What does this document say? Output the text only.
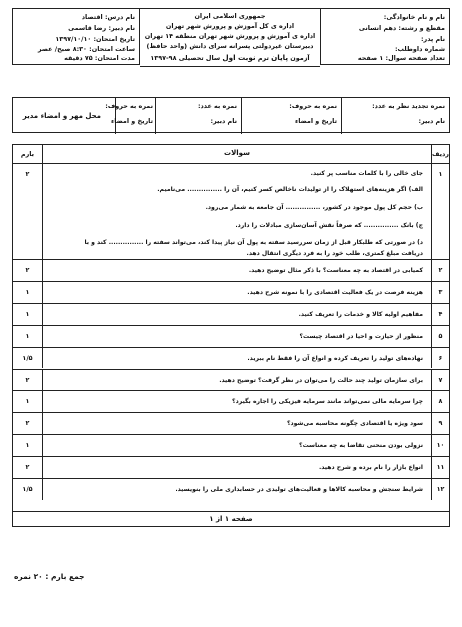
نام و نام خانوادگی:
مقطع و رشته: دهم انسانی
نام پدر:
شماره داوطلب:
تعداد صفحه سوال: ۱ صفحه
جمهوری اسلامی ایران
اداره ی کل آموزش و پرورش شهر تهران
اداره ی آموزش و پرورش شهر تهران منطقه ۱۴ تهران
دبیرستان غیردولتی پسرانه سرای دانش (واحد حافظ)
آزمون پایان ترم نوبت اول سال تحصیلی ۹۸-۱۳۹۷
نام درس: اقتصاد
نام دبیر: رضا قاسمی
تاریخ امتحان: ۱۳۹۷/۱۰/۱۰
ساعت امتحان: ۸:۳۰ صبح/ عصر
مدت امتحان: ۷۵ دقیقه
نمره تجدید نظر به عدد:
نام دبیر:
نمره به حروف:
تاریخ و امضاء
نمره به عدد:
نام دبیر:
نمره به حروف:
تاریخ و امضاء
محل مهر و امضاء مدیر
ردیف
سوالات
بارم
۱
جای خالی را با کلمات مناسب پر کنید.
الف) اگر هزینه‌های استهلاک را از تولیدات ناخالص کسر کنیم، آن را ............... می‌نامیم.
ب) حجم کل پول موجود در کشور، ............... آن جامعه به شمار می‌رود.
ج) بانک ............... که صرفاً نقش آسان‌سازی مبادلات را دارد.
د) در صورتی که طلبکار قبل از زمان سررسید سفته به پول آن نیاز پیدا کند، می‌تواند سفته را ............... کند و با
دریافت مبلغ کمتری، طلب خود را به فرد دیگری انتقال دهد.
۲
۲
کمیابی در اقتصاد به چه معناست؟ با ذکر مثال توضیح دهید.
۲
۳
هزینه فرصت در یک فعالیت اقتصادی را با نمونه شرح دهید.
۱
۴
مفاهیم اولیه کالا و خدمات را تعریف کنید.
۱
۵
منظور از حیازت و احیا در اقتصاد چیست؟
۱
۶
نهاده‌های تولید را تعریف کرده و انواع آن را فقط نام ببرید.
۱/۵
۷
برای سازمان تولید چند حالت را می‌توان در نظر گرفت؟ توضیح دهید.
۲
۸
چرا سرمایه مالی نمی‌تواند مانند سرمایه فیزیکی را اجاره بگیرد؟
۱
۹
سود ویژه یا اقتصادی چگونه محاسبه می‌شود؟
۲
۱۰
نزولی بودن منحنی تقاضا به چه معناست؟
۱
۱۱
انواع بازار را نام برده و شرح دهید.
۲
۱۲
شرایط سنجش و محاسبه کالاها و فعالیت‌های تولیدی در حسابداری ملی را بنویسید.
۱/۵
صفحه ۱ از ۱
جمع بارم : ۲۰ نمره
